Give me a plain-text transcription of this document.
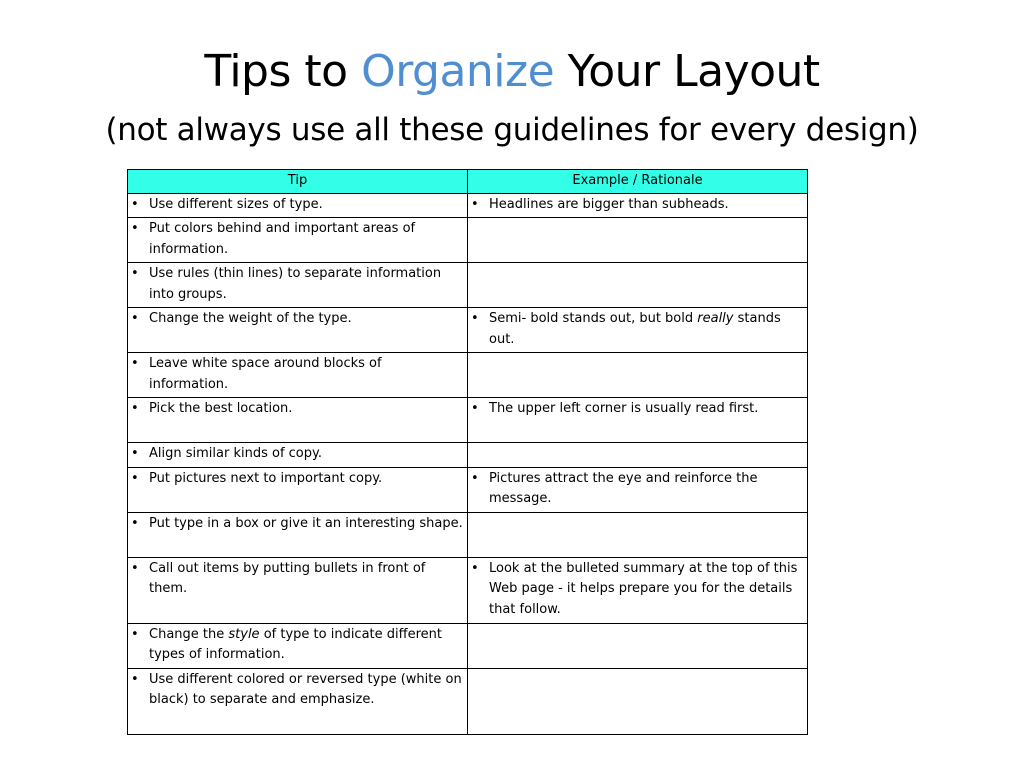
Tips to Organize Your Layout
(not always use all these guidelines for every design)
Tip	Example / Rationale

• Use different sizes of type.	• Headlines are bigger than subheads.

• Put colors behind and important areas of information.	

• Use rules (thin lines) to separate information into groups.	

• Change the weight of the type.	• Semi- bold stands out, but bold really stands out.

• Leave white space around blocks of information.	

• Pick the best location.	• The upper left corner is usually read first.

• Align similar kinds of copy.	

• Put pictures next to important copy.	• Pictures attract the eye and reinforce the message.

• Put type in a box or give it an interesting shape.	

• Call out items by putting bullets in front of them.	• Look at the bulleted summary at the top of this Web page - it helps prepare you for the details that follow.

• Change the style of type to indicate different types of information.	

• Use different colored or reversed type (white on black) to separate and emphasize.	
